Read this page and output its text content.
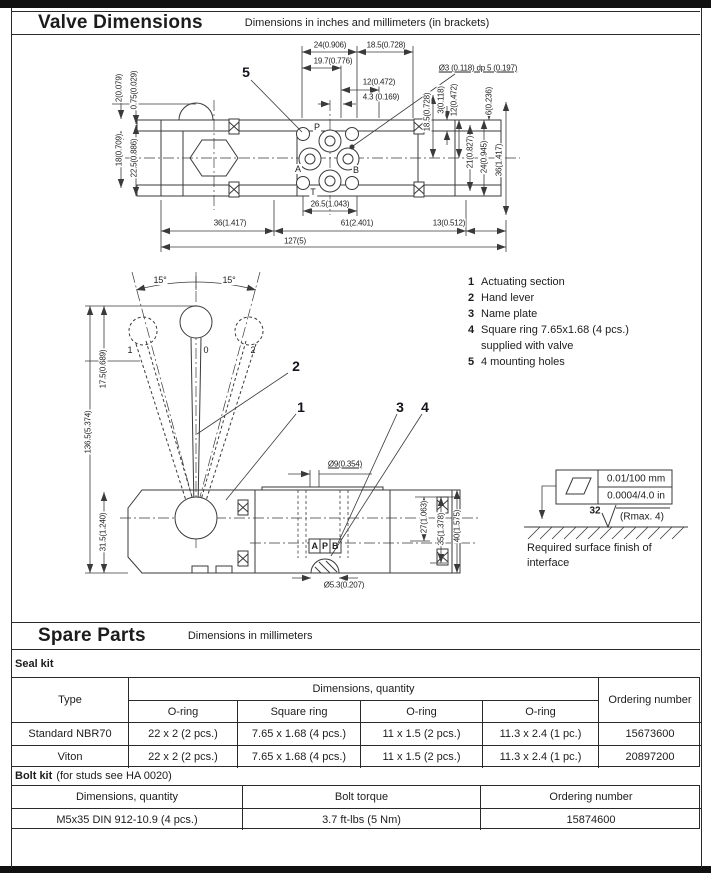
Valve Dimensions	Dimensions in inches and millimeters (in brackets)
24(0.906)	18.5(0.728)
19.7(0.776)
12(0.472)
4.3 (0.169)
Ø3 (0.118) dp 5 (0.197)
2(0.079) 0.75(0.029)
18(0.709) 22.5(0.886)
18.5(0.728) 3(0.118) 12(0.472)	6(0.236)
21(0.827) 24(0.945) 36(1.417)
26.5(1.043)
36(1.417)	61(2.401)	13(0.512)
127(5)
P
A	B
T
5
15°	15°
1	0	2
136.5(5.374)
17.5(0.689)
31.5(1.240)
Ø9(0.354)
27(1.063) 35(1.378) 40(1.575)
Ø5.3(0.207)
APB
2
1	3 4
1 Actuating section
2 Hand lever
3 Name plate
4 Square ring 7.65x1.68 (4 pcs.)
supplied with valve
5 4 mounting holes
0.01/100 mm
0.0004/4.0 in
32
(Rmax. 4)
Required surface finish of
interface
Spare Parts	Dimensions in millimeters
Seal kit
Type
Dimensions, quantity
Ordering number
O-ring	Square ring	O-ring	O-ring
Standard NBR70	22 x 2 (2 pcs.)	7.65 x 1.68 (4 pcs.)	11 x 1.5 (2 pcs.)	11.3 x 2.4 (1 pc.)	15673600
Viton	22 x 2 (2 pcs.)	7.65 x 1.68 (4 pcs.)	11 x 1.5 (2 pcs.)	11.3 x 2.4 (1 pc.)	20897200
Bolt kit (for studs see HA 0020)
Dimensions, quantity	Bolt torque	Ordering number
M5x35 DIN 912-10.9 (4 pcs.)	3.7 ft-lbs (5 Nm)	15874600
